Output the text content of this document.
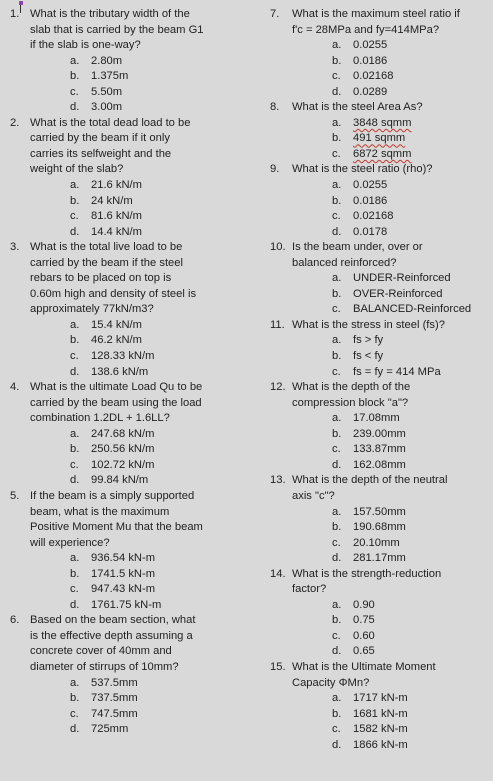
1. What is the tributary width of the
slab that is carried by the beam G1
if the slab is one-way?
a. 2.80m
b. 1.375m
c. 5.50m
d. 3.00m
2. What is the total dead load to be
carried by the beam if it only
carries its selfweight and the
weight of the slab?
a. 21.6 kN/m
b. 24 kN/m
c. 81.6 kN/m
d. 14.4 kN/m
3. What is the total live load to be
carried by the beam if the steel
rebars to be placed on top is
0.60m high and density of steel is
approximately 77kN/m3?
a. 15.4 kN/m
b. 46.2 kN/m
c. 128.33 kN/m
d. 138.6 kN/m
4. What is the ultimate Load Qu to be
carried by the beam using the load
combination 1.2DL + 1.6LL?
a. 247.68 kN/m
b. 250.56 kN/m
c. 102.72 kN/m
d. 99.84 kN/m
5. If the beam is a simply supported
beam, what is the maximum
Positive Moment Mu that the beam
will experience?
a. 936.54 kN-m
b. 1741.5 kN-m
c. 947.43 kN-m
d. 1761.75 kN-m
6. Based on the beam section, what
is the effective depth assuming a
concrete cover of 40mm and
diameter of stirrups of 10mm?
a. 537.5mm
b. 737.5mm
c. 747.5mm
d. 725mm
7. What is the maximum steel ratio if
f'c = 28MPa and fy=414MPa?
a. 0.0255
b. 0.0186
c. 0.02168
d. 0.0289
8. What is the steel Area As?
a. 3848 sqmm
b. 491 sqmm
c. 6872 sqmm
9. What is the steel ratio (rho)?
a. 0.0255
b. 0.0186
c. 0.02168
d. 0.0178
10. Is the beam under, over or
balanced reinforced?
a. UNDER-Reinforced
b. OVER-Reinforced
c. BALANCED-Reinforced
11. What is the stress in steel (fs)?
a. fs > fy
b. fs < fy
c. fs = fy = 414 MPa
12. What is the depth of the
compression block "a"?
a. 17.08mm
b. 239.00mm
c. 133.87mm
d. 162.08mm
13. What is the depth of the neutral
axis "c"?
a. 157.50mm
b. 190.68mm
c. 20.10mm
d. 281.17mm
14. What is the strength-reduction
factor?
a. 0.90
b. 0.75
c. 0.60
d. 0.65
15. What is the Ultimate Moment
Capacity ΦMn?
a. 1717 kN-m
b. 1681 kN-m
c. 1582 kN-m
d. 1866 kN-m
